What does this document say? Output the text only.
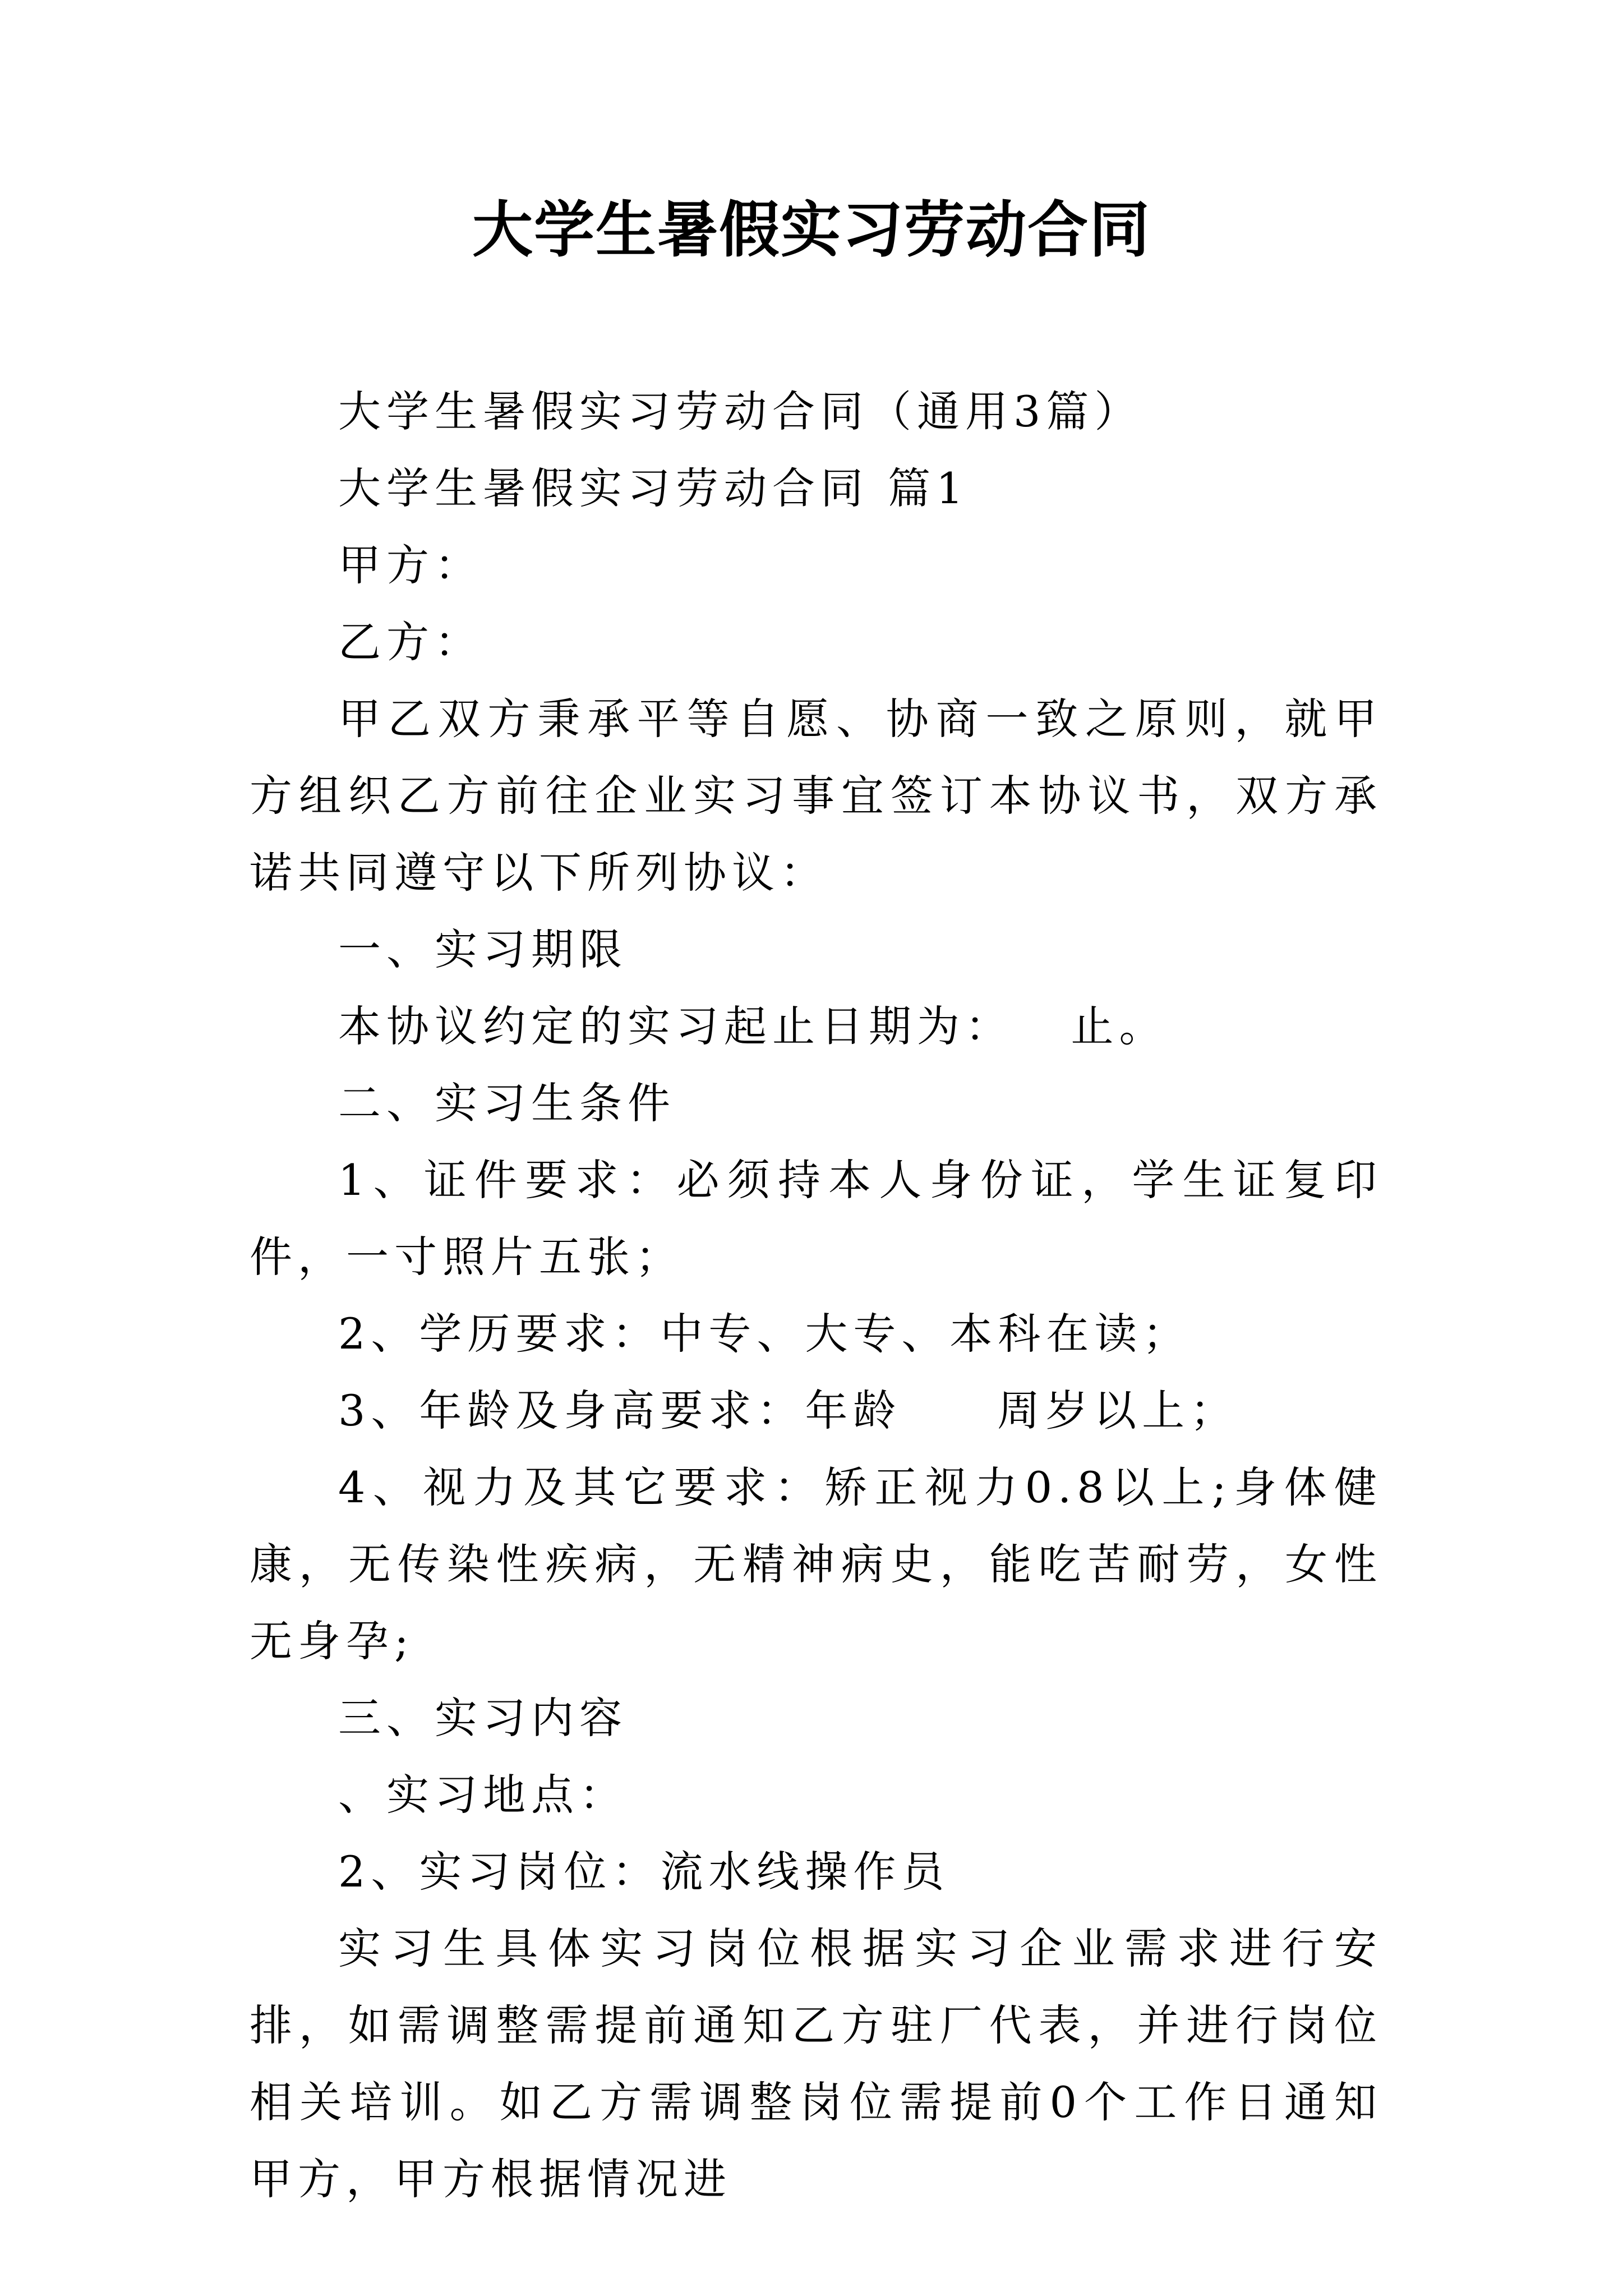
大学生暑假实习劳动合同

大学生暑假实习劳动合同（通用3篇）

大学生暑假实习劳动合同 篇1

甲方：

乙方：

甲乙双方秉承平等自愿、协商一致之原则，就甲方组织乙方前往企业实习事宜签订本协议书，双方承诺共同遵守以下所列协议：

一、实习期限

本协议约定的实习起止日期为：   止。

二、实习生条件

1、证件要求：必须持本人身份证，学生证复印件，一寸照片五张；

2、学历要求：中专、大专、本科在读；

3、年龄及身高要求：年龄     周岁以上；

4、视力及其它要求：矫正视力0.8以上;身体健康，无传染性疾病，无精神病史，能吃苦耐劳，女性无身孕;

三、实习内容

、实习地点：

2、实习岗位：流水线操作员

实习生具体实习岗位根据实习企业需求进行安排，如需调整需提前通知乙方驻厂代表，并进行岗位相关培训。如乙方需调整岗位需提前0个工作日通知甲方，甲方根据情况进
